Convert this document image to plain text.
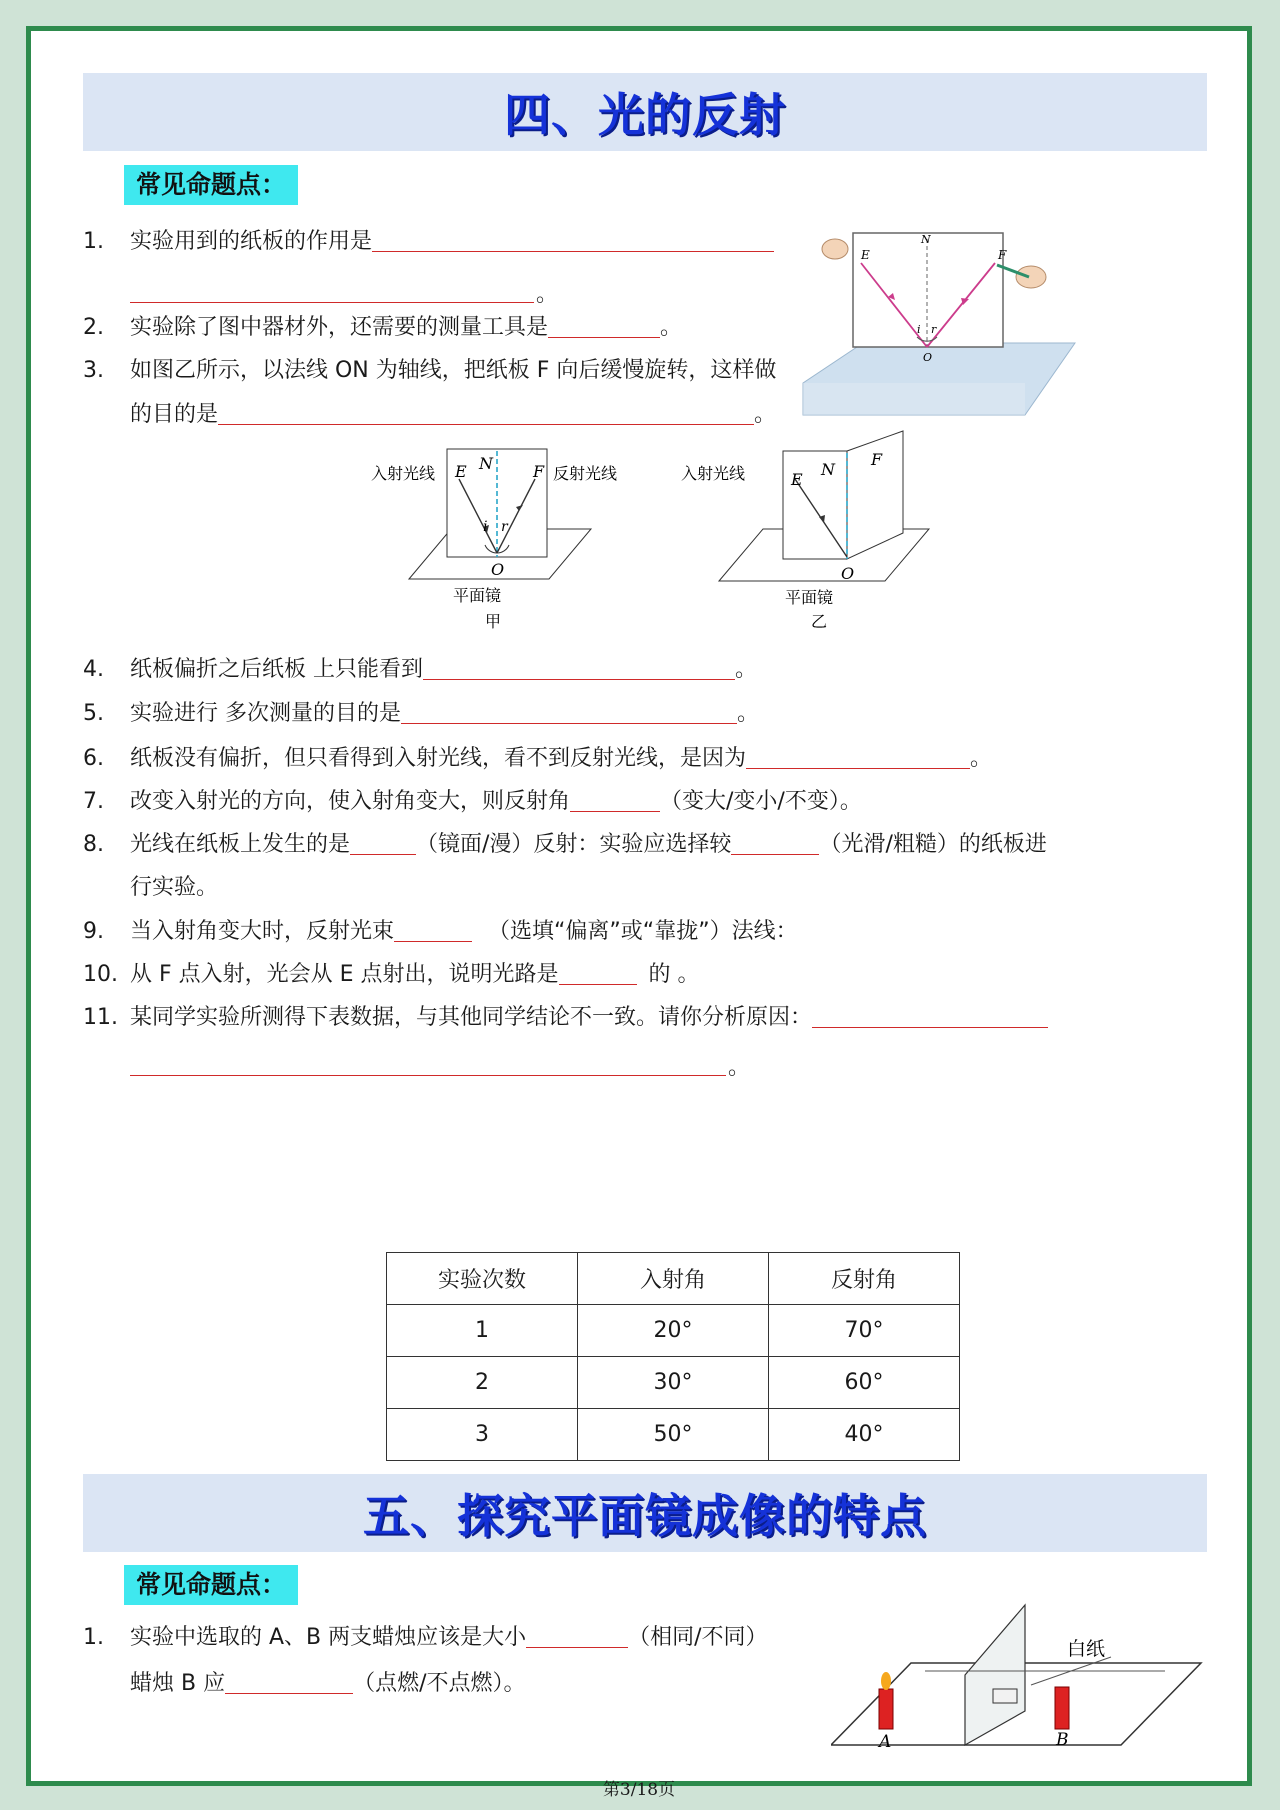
四、光的反射
常见命题点：
1. 实验用到的纸板的作用是
。
2. 实验除了图中器材外，还需要的测量工具是	。
3. 如图乙所示，以法线 ON 为轴线，把纸板 F 向后缓慢旋转，这样做
的目的是	。
E	F
N
O
i r
入射光线	反射光线
E N	F
i r
O
平面镜
甲
入射光线	E
N
F
O
平面镜
乙
4. 纸板偏折之后纸板 上只能看到	。
5. 实验进行 多次测量的目的是	。
6. 纸板没有偏折，但只看得到入射光线，看不到反射光线，是因为	。
7. 改变入射光的方向，使入射角变大，则反射角	（变大/变小/不变）。
8. 光线在纸板上发生的是	（镜面/漫）反射：实验应选择较	（光滑/粗糙）的纸板进
行实验。
9. 当入射角变大时，反射光束	（选填“偏离”或“靠拢”）法线：
10. 从 F 点入射，光会从 E 点射出，说明光路是	的 。
11. 某同学实验所测得下表数据，与其他同学结论不一致。请你分析原因：
。
实验次数	入射角	反射角
1	20°	70°
2	30°	60°
3	50°	40°
五、探究平面镜成像的特点
常见命题点：
1. 实验中选取的 A、B 两支蜡烛应该是大小	（相同/不同）
蜡烛 B 应	（点燃/不点燃）。
白纸
A	B
第3/18页
